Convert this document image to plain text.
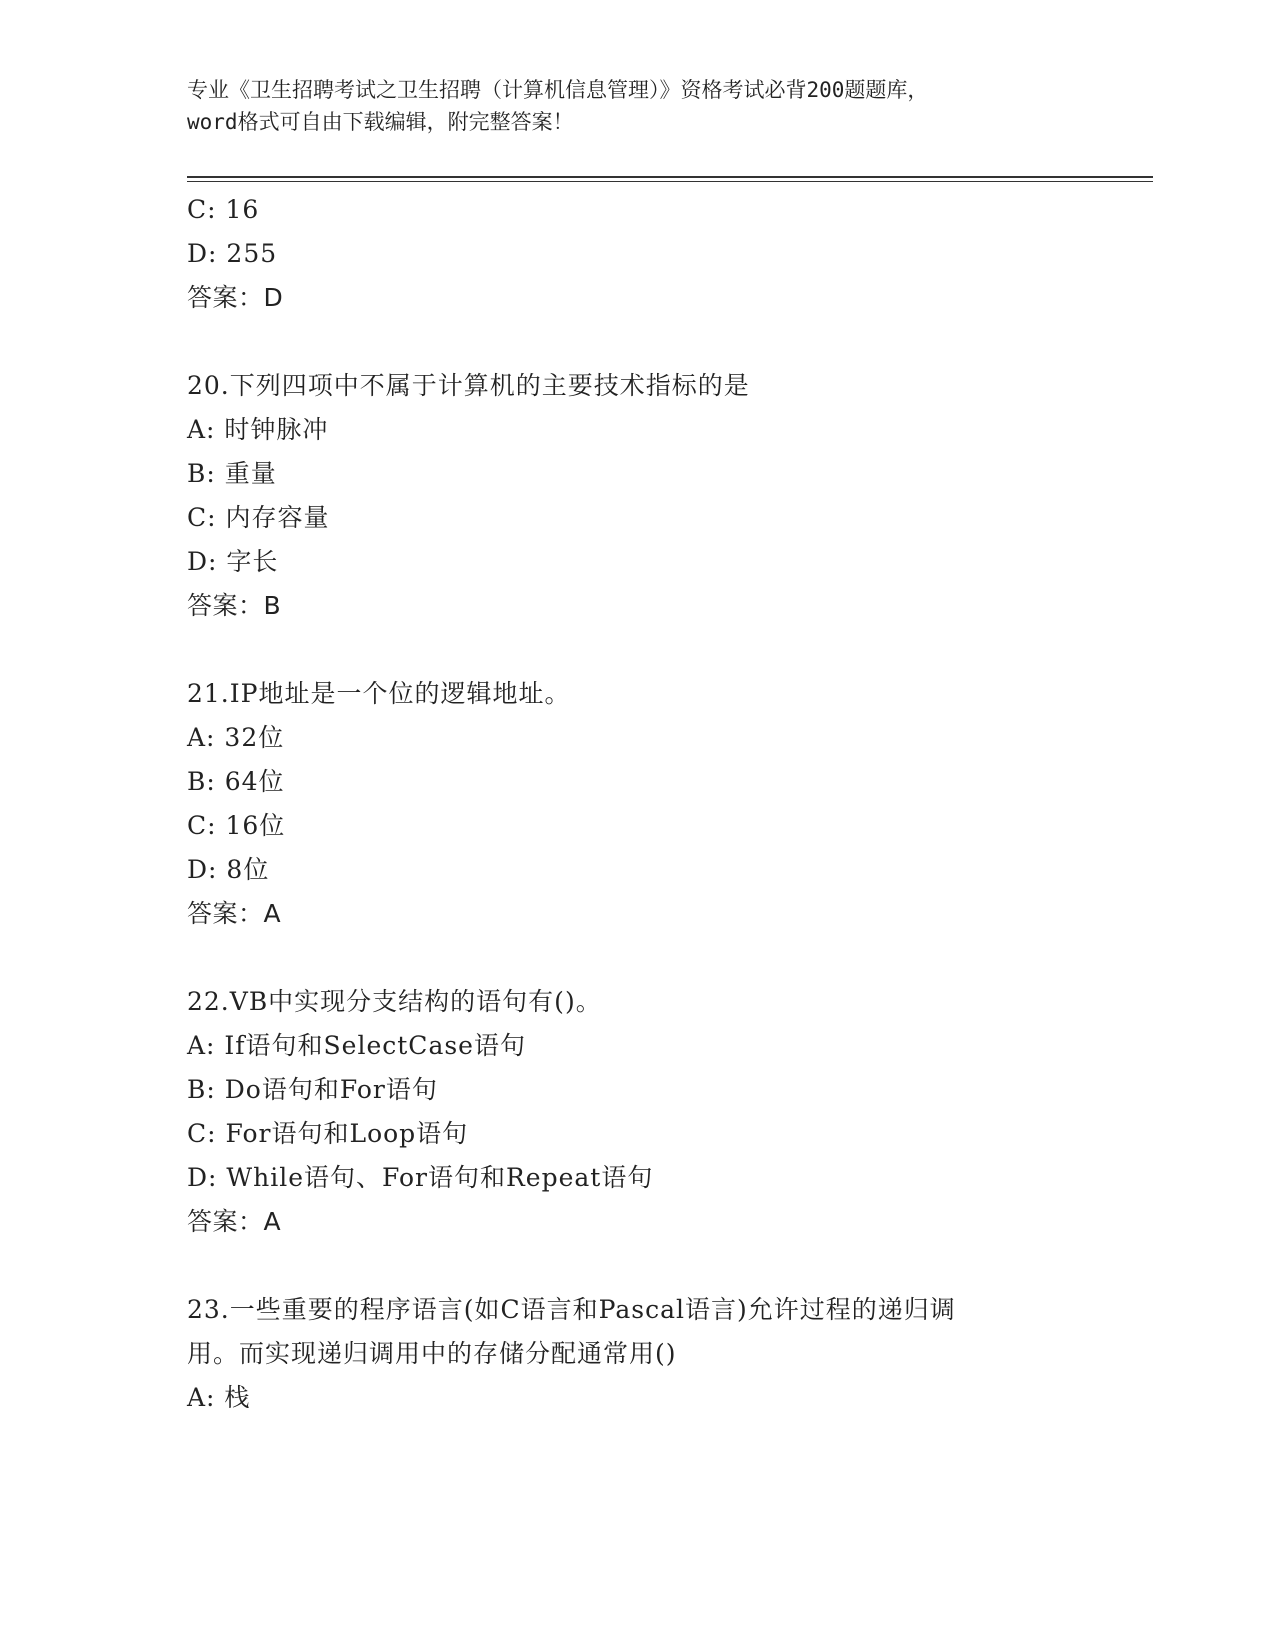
专业《卫生招聘考试之卫生招聘（计算机信息管理）》资格考试必背200题题库，
word格式可自由下载编辑，附完整答案！
C: 16
D: 255
答案：D
20.下列四项中不属于计算机的主要技术指标的是
A: 时钟脉冲
B: 重量
C: 内存容量
D: 字长
答案：B
21.IP地址是一个位的逻辑地址。
A: 32位
B: 64位
C: 16位
D: 8位
答案：A
22.VB中实现分支结构的语句有()。
A: If语句和SelectCase语句
B: Do语句和For语句
C: For语句和Loop语句
D: While语句、For语句和Repeat语句
答案：A
23.一些重要的程序语言(如C语言和Pascal语言)允许过程的递归调
用。而实现递归调用中的存储分配通常用()
A: 栈
